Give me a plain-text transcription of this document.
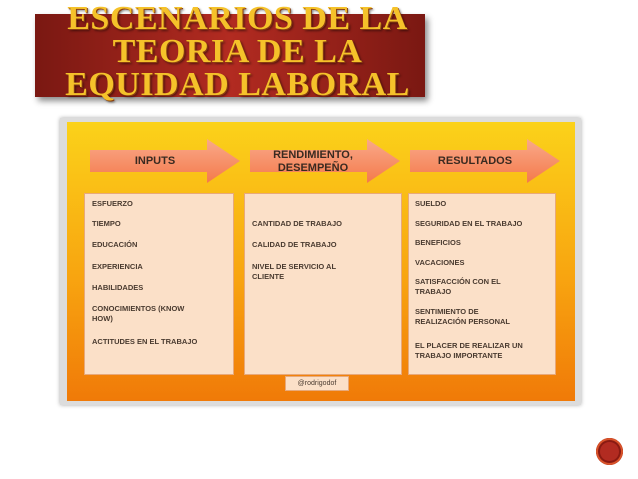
ESCENARIOS DE LA
TEORIA DE LA
EQUIDAD LABORAL
INPUTS	RENDIMIENTO,
DESEMPEÑO
RESULTADOS
ESFUERZO
TIEMPO
EDUCACIÓN
EXPERIENCIA
HABILIDADES
CONOCIMIENTOS (KNOW
HOW)
ACTITUDES EN EL TRABAJO
CANTIDAD DE TRABAJO
CALIDAD DE TRABAJO
NIVEL DE SERVICIO AL
CLIENTE
SUELDO
SEGURIDAD EN EL TRABAJO
BENEFICIOS
VACACIONES
SATISFACCIÓN CON EL
TRABAJO
SENTIMIENTO DE
REALIZACIÓN PERSONAL
EL PLACER DE REALIZAR UN
TRABAJO IMPORTANTE
@rodrigodof
